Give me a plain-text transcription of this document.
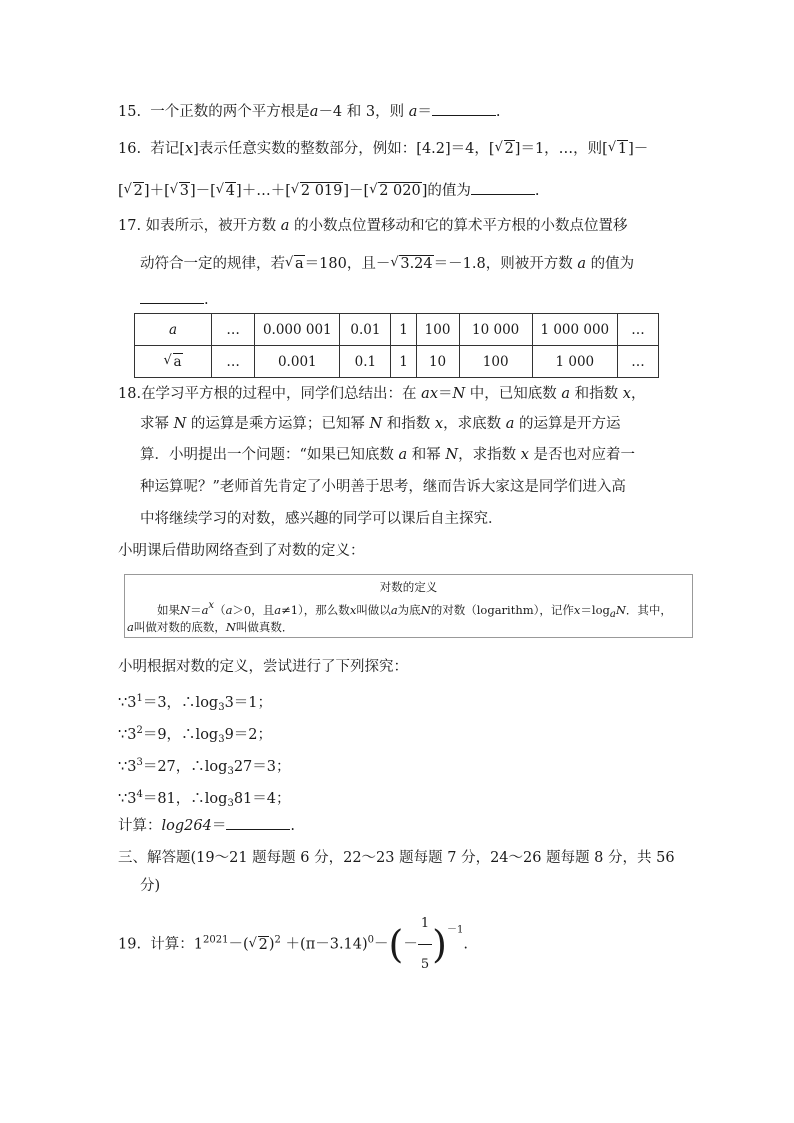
15. 一个正数的两个平方根是a－4 和 3，则 a＝	.
16. 若记[x]表示任意实数的整数部分，例如：[4.2]＝4，[ √ 2]＝1，…，则[ √ 1]－
[ √ 2]＋[ √ 3]－[ √ 4]＋…＋[ √ 2 019]－[ √ 2 020]的值为	.
17. 如表所示，被开方数 a 的小数点位置移动和它的算术平方根的小数点位置移
动符合一定的规律，若 √ a＝180，且－ √ 3.24＝－1.8，则被开方数 a 的值为
.
a	…	0.000 001	0.01	1	100	10 000	1 000 000	…
√ a	…	0.001	0.1	1	10	100	1 000	…
18.在学习平方根的过程中，同学们总结出：在 ax＝N 中，已知底数 a 和指数 x，
求幂 N 的运算是乘方运算；已知幂 N 和指数 x，求底数 a 的运算是开方运
算．小明提出一个问题：“如果已知底数 a 和幂 N，求指数 x 是否也对应着一
种运算呢？”老师首先肯定了小明善于思考，继而告诉大家这是同学们进入高
中将继续学习的对数，感兴趣的同学可以课后自主探究．
小明课后借助网络查到了对数的定义：
对数的定义
如果$N=a^x(a>0$，且a≠1），那么数x叫做以a为底N的对数（logarithm），记作$x=\log_aN$．其中，
a叫做对数的底数，N叫做真数．
小明根据对数的定义，尝试进行了下列探究：
$\because 3^1=3$，$\therefore\log_33=1$；
$\because 3^2=9$，$\therefore\log_39=2$；
$\because 3^3=27$，$\therefore\log_327=3$；
$\because 3^4=81$，$\therefore\log_381=4$；
计算：log264＝	.
三、解答题(19～21 题每题 6 分，22～23 题每题 7 分，24～26 题每题 8 分，共 56
分)
19. 计算：$1^{2021}-$( √ $2)^2 +(\pi-3.14)^0-(- \frac{1}{5} )^{-1}$.
